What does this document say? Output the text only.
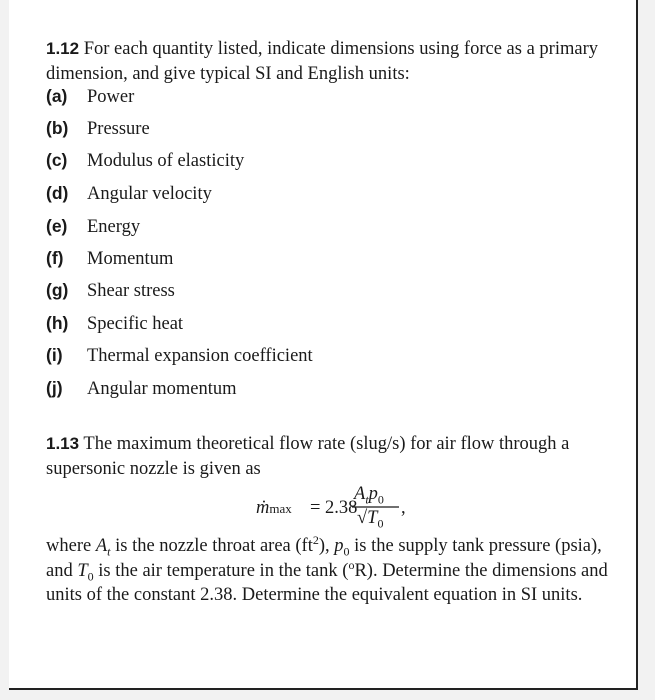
1.12 For each quantity listed, indicate dimensions using force as a primary dimension, and give typical SI and English units:
(a) Power
(b) Pressure
(c) Modulus of elasticity
(d) Angular velocity
(e) Energy
(f) Momentum
(g) Shear stress
(h) Specific heat
(i) Thermal expansion coefficient
(j) Angular momentum
1.13 The maximum theoretical flow rate (slug/s) for air flow through a supersonic nozzle is given as
ṁmax = 2.38
$A_tp_0$
$√T_0$
,
where $A_t$ is the nozzle throat area $(ft^2)$, $p_0$ is the supply tank pressure (psia), and $T_0$ is the air temperature in the tank ($^o$R). Determine the dimensions and units of the constant 2.38. Determine the equivalent equation in SI units.
